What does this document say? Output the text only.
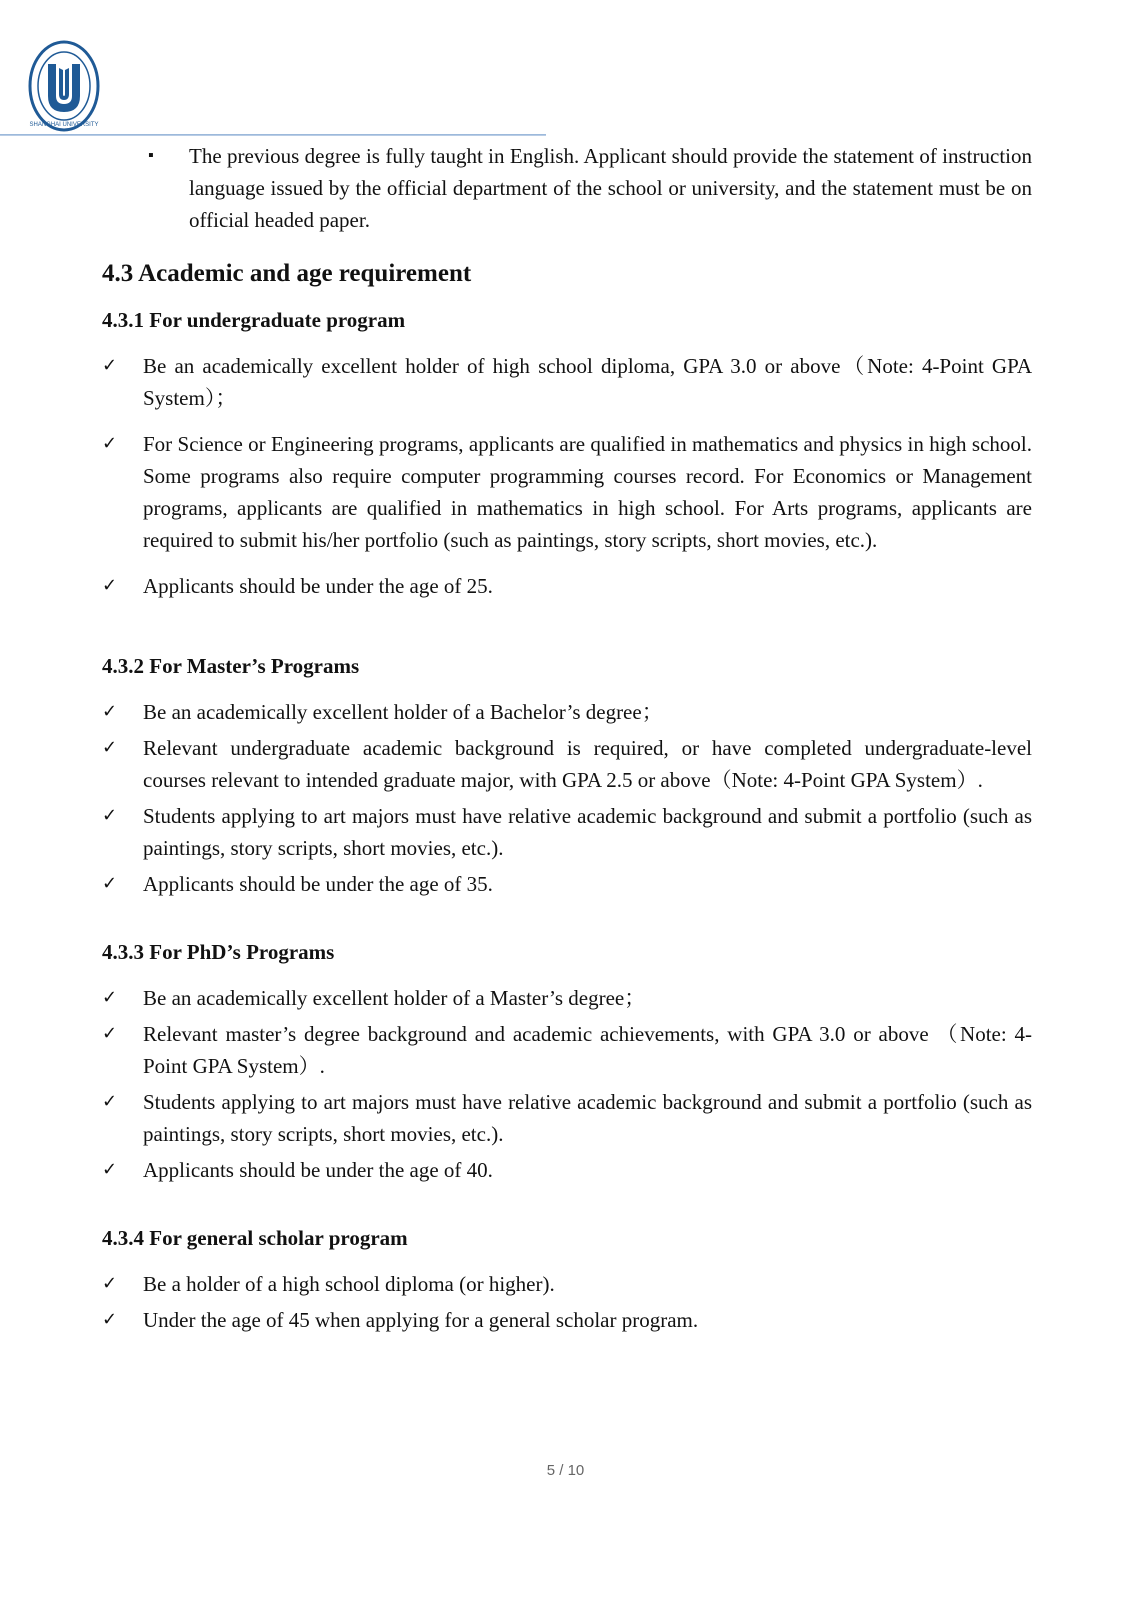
SHANGHAI UNIVERSITY
▪ The previous degree is fully taught in English. Applicant should provide the statement of instruction language issued by the official department of the school or university, and the statement must be on official headed paper.
4.3 Academic and age requirement
4.3.1 For undergraduate program
✓ Be an academically excellent holder of high school diploma, GPA 3.0 or above（Note: 4-Point GPA System）；
✓ For Science or Engineering programs, applicants are qualified in mathematics and physics in high school. Some programs also require computer programming courses record. For Economics or Management programs, applicants are qualified in mathematics in high school. For Arts programs, applicants are required to submit his/her portfolio (such as paintings, story scripts, short movies, etc.).
✓ Applicants should be under the age of 25.
4.3.2 For Master’s Programs
✓ Be an academically excellent holder of a Bachelor’s degree；
✓ Relevant undergraduate academic background is required, or have completed undergraduate-level courses relevant to intended graduate major, with GPA 2.5 or above（Note: 4-Point GPA System）.
✓ Students applying to art majors must have relative academic background and submit a portfolio (such as paintings, story scripts, short movies, etc.).
✓ Applicants should be under the age of 35.
4.3.3 For PhD’s Programs
✓ Be an academically excellent holder of a Master’s degree；
✓ Relevant master’s degree background and academic achievements, with GPA 3.0 or above （Note: 4-Point GPA System）.
✓ Students applying to art majors must have relative academic background and submit a portfolio (such as paintings, story scripts, short movies, etc.).
✓ Applicants should be under the age of 40.
4.3.4 For general scholar program
✓ Be a holder of a high school diploma (or higher).
✓ Under the age of 45 when applying for a general scholar program.
5 / 10
